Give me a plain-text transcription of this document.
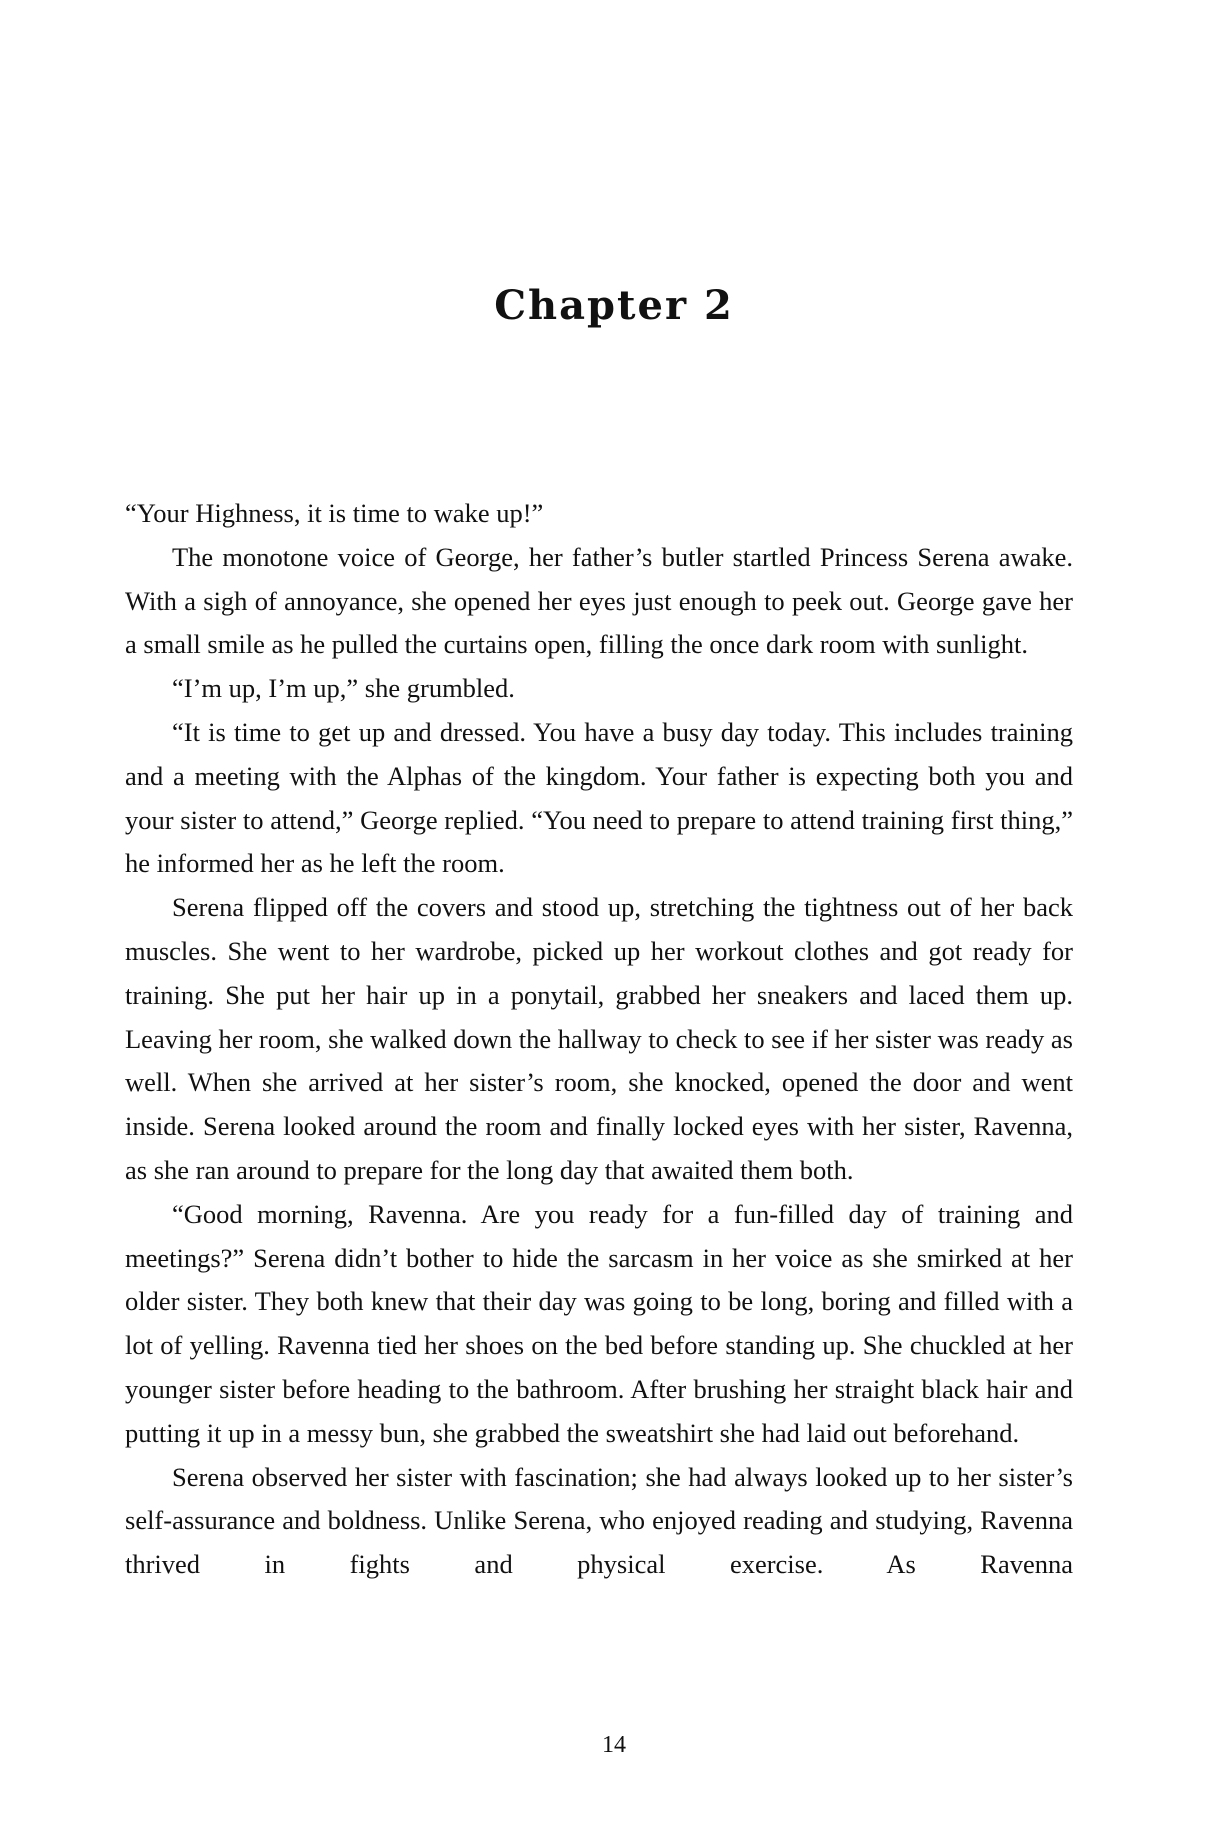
Chapter 2

“Your Highness, it is time to wake up!”

The monotone voice of George, her father’s butler startled Princess Serena awake. With a sigh of annoyance, she opened her eyes just enough to peek out. George gave her a small smile as he pulled the curtains open, filling the once dark room with sunlight.

“I’m up, I’m up,” she grumbled.

“It is time to get up and dressed. You have a busy day today. This includes training and a meeting with the Alphas of the kingdom. Your father is expecting both you and your sister to attend,” George replied. “You need to prepare to attend training first thing,” he informed her as he left the room.

Serena flipped off the covers and stood up, stretching the tightness out of her back muscles. She went to her wardrobe, picked up her workout clothes and got ready for training. She put her hair up in a ponytail, grabbed her sneakers and laced them up. Leaving her room, she walked down the hallway to check to see if her sister was ready as well. When she arrived at her sister’s room, she knocked, opened the door and went inside. Serena looked around the room and finally locked eyes with her sister, Ravenna, as she ran around to prepare for the long day that awaited them both.

“Good morning, Ravenna. Are you ready for a fun-filled day of training and meetings?” Serena didn’t bother to hide the sarcasm in her voice as she smirked at her older sister. They both knew that their day was going to be long, boring and filled with a lot of yelling. Ravenna tied her shoes on the bed before standing up. She chuckled at her younger sister before heading to the bathroom. After brushing her straight black hair and putting it up in a messy bun, she grabbed the sweatshirt she had laid out beforehand.

Serena observed her sister with fascination; she had always looked up to her sister’s self-assurance and boldness. Unlike Serena, who enjoyed reading and studying, Ravenna thrived in fights and physical exercise. As Ravenna

14
